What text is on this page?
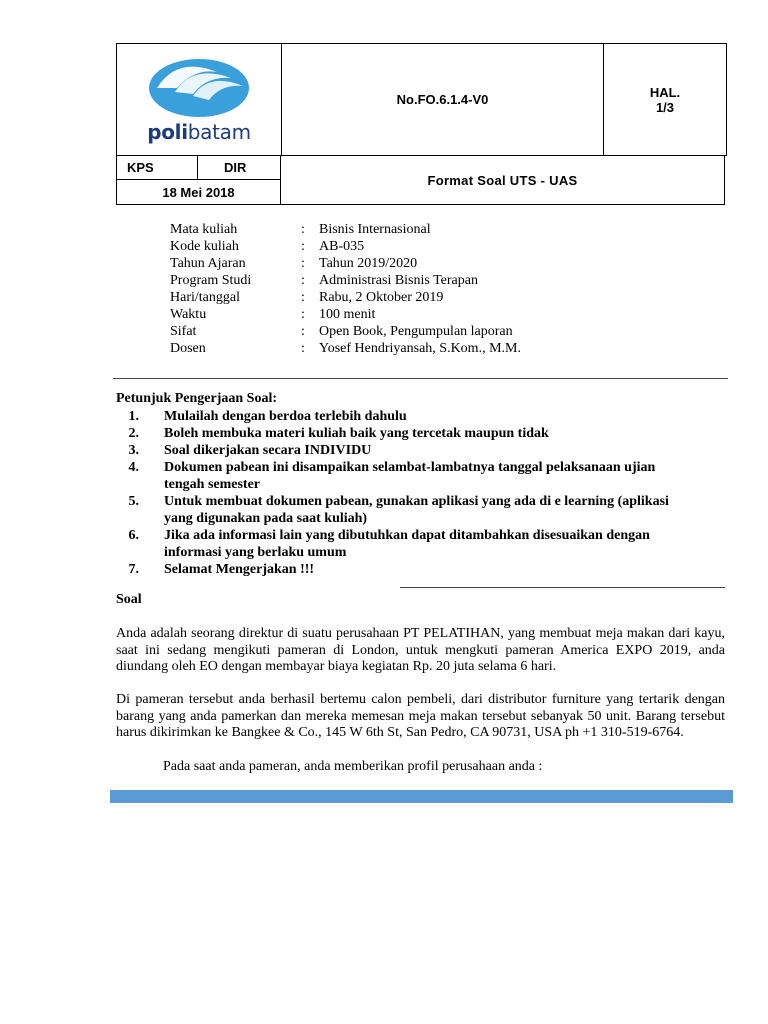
polibatam
	No.FO.6.1.4-V0	HAL.
1/3
KPS	DIR	Format Soal UTS - UAS
18 Mei 2018
Mata kuliah	:	Bisnis Internasional
Kode kuliah	:	AB-035
Tahun Ajaran	:	Tahun 2019/2020
Program Studi	:	Administrasi Bisnis Terapan
Hari/tanggal	:	Rabu, 2 Oktober 2019
Waktu	:	100 menit
Sifat	:	Open Book, Pengumpulan laporan
Dosen	:	Yosef Hendriyansah, S.Kom., M.M.
Petunjuk Pengerjaan Soal:
1.	Mulailah dengan berdoa terlebih dahulu
2.	Boleh membuka materi kuliah baik yang tercetak maupun tidak
3.	Soal dikerjakan secara INDIVIDU
4.	Dokumen pabean ini disampaikan selambat-lambatnya tanggal pelaksanaan ujian tengah semester
5.	Untuk membuat dokumen pabean, gunakan aplikasi yang ada di e learning (aplikasi yang digunakan pada saat kuliah)
6.	Jika ada informasi lain yang dibutuhkan dapat ditambahkan disesuaikan dengan informasi yang berlaku umum
7.	Selamat Mengerjakan !!!
Soal
Anda adalah seorang direktur di suatu perusahaan PT PELATIHAN, yang membuat meja makan dari kayu, saat ini sedang mengikuti pameran di London, untuk mengkuti pameran America EXPO 2019, anda diundang oleh EO dengan membayar biaya kegiatan Rp. 20 juta selama 6 hari.
Di pameran tersebut anda berhasil bertemu calon pembeli, dari distributor furniture yang tertarik dengan barang yang anda pamerkan dan mereka memesan meja makan tersebut sebanyak 50 unit. Barang tersebut harus dikirimkan ke Bangkee & Co., 145 W 6th St, San Pedro, CA 90731, USA ph +1 310-519-6764.
Pada saat anda pameran, anda memberikan profil perusahaan anda :
